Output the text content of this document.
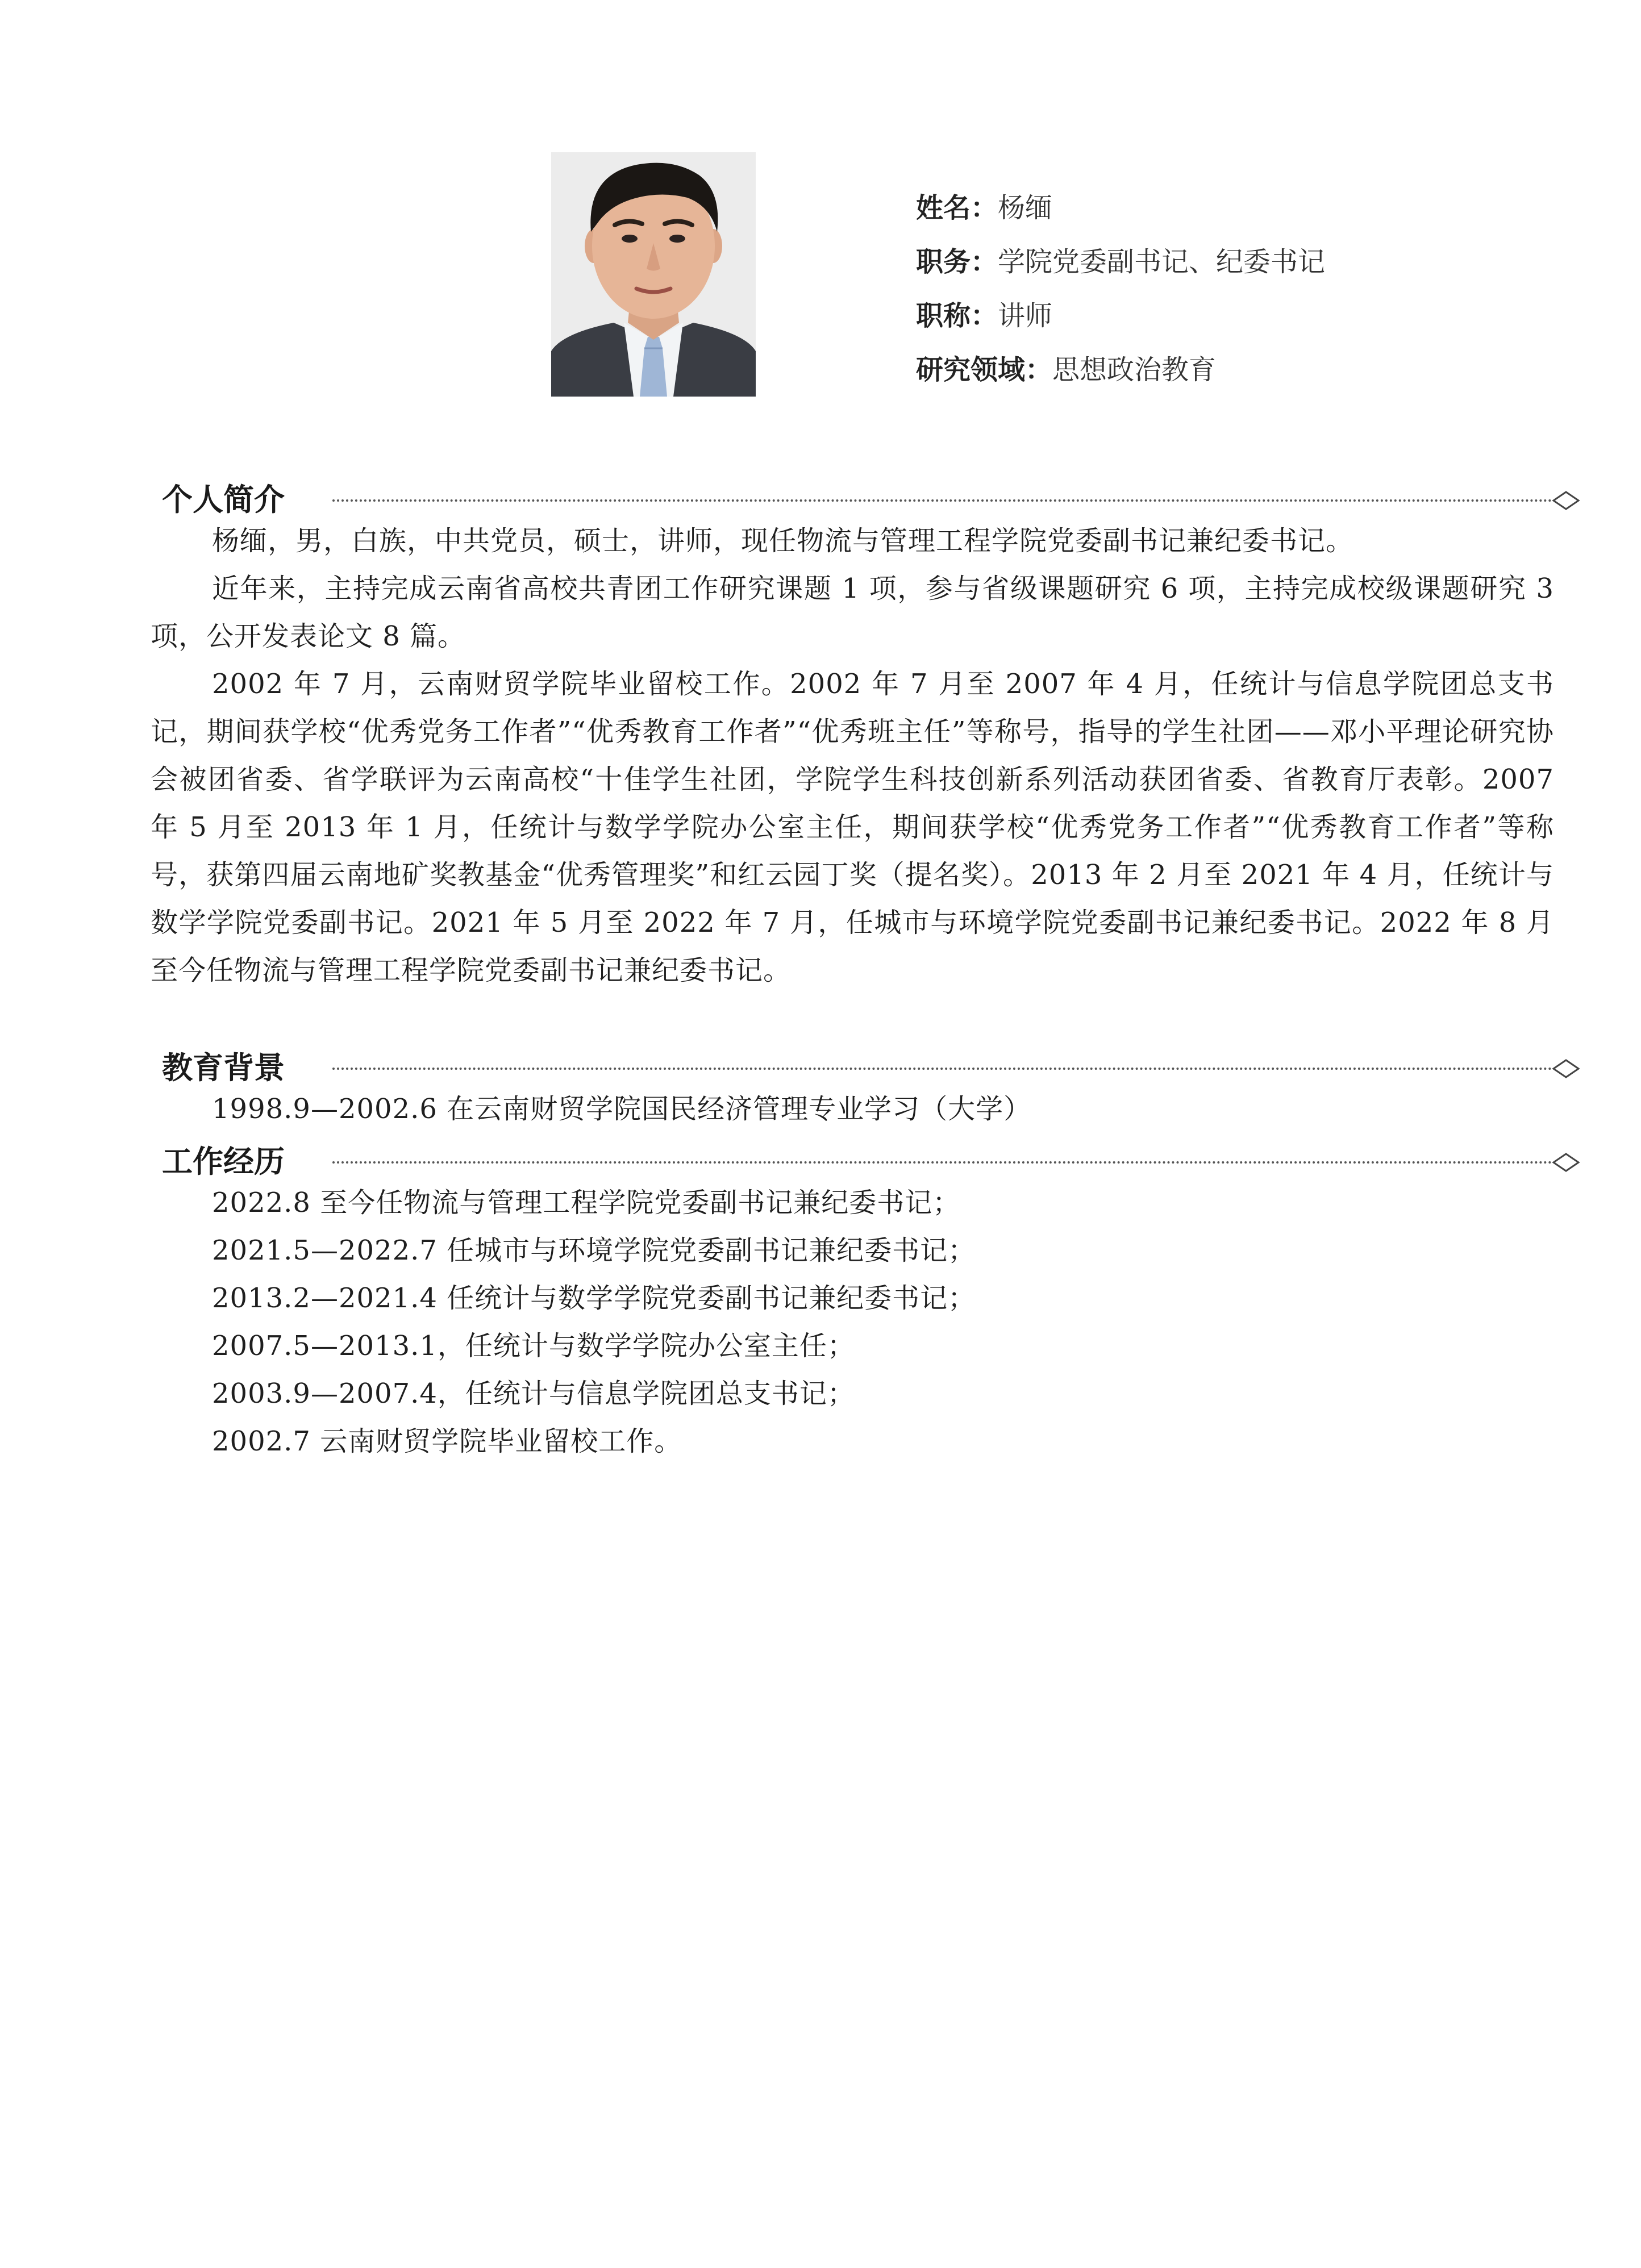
姓名：杨缅
职务：学院党委副书记、纪委书记
职称：讲师
研究领域：思想政治教育
个人简介
杨缅，男，白族，中共党员，硕士，讲师，现任物流与管理工程学院党委副书记兼纪委书记。
近年来，主持完成云南省高校共青团工作研究课题 1 项，参与省级课题研究 6 项，主持完成校级课题研究 3 项，公开发表论文 8 篇。
2002 年 7 月，云南财贸学院毕业留校工作。2002 年 7 月至 2007 年 4 月，任统计与信息学院团总支书记，期间获学校“优秀党务工作者”“优秀教育工作者”“优秀班主任”等称号，指导的学生社团——邓小平理论研究协会被团省委、省学联评为云南高校“十佳学生社团，学院学生科技创新系列活动获团省委、省教育厅表彰。2007 年 5 月至 2013 年 1 月，任统计与数学学院办公室主任，期间获学校“优秀党务工作者”“优秀教育工作者”等称号，获第四届云南地矿奖教基金“优秀管理奖”和红云园丁奖（提名奖）。2013 年 2 月至 2021 年 4 月，任统计与数学学院党委副书记。2021 年 5 月至 2022 年 7 月，任城市与环境学院党委副书记兼纪委书记。2022 年 8 月至今任物流与管理工程学院党委副书记兼纪委书记。
教育背景
1998.9—2002.6 在云南财贸学院国民经济管理专业学习（大学）
工作经历
2022.8 至今任物流与管理工程学院党委副书记兼纪委书记；
2021.5—2022.7 任城市与环境学院党委副书记兼纪委书记；
2013.2—2021.4 任统计与数学学院党委副书记兼纪委书记；
2007.5—2013.1，任统计与数学学院办公室主任；
2003.9—2007.4，任统计与信息学院团总支书记；
2002.7 云南财贸学院毕业留校工作。
